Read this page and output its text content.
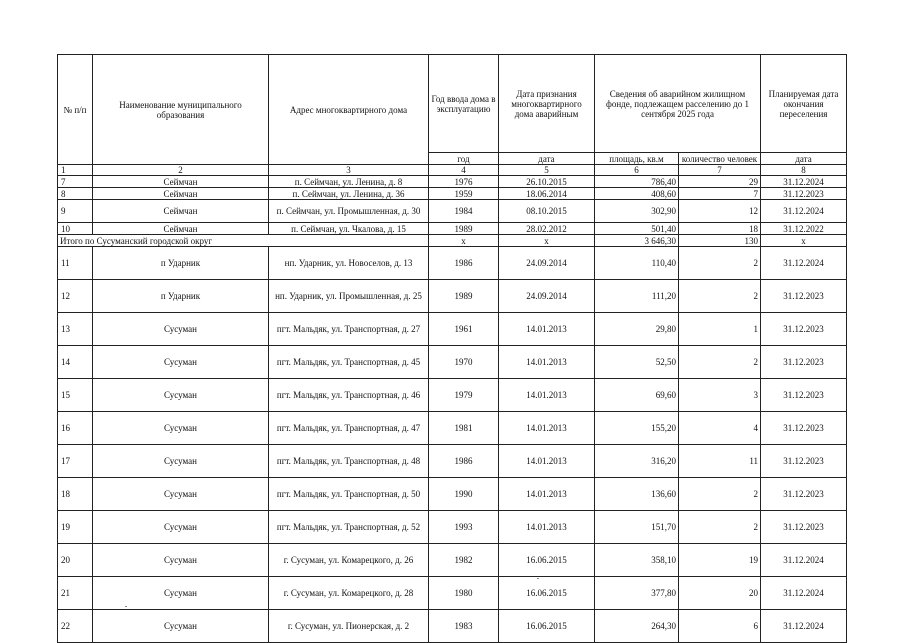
№ п/п	Наименование муниципального образования	Адрес многоквартирного дома	Год ввода дома в эксплуатацию	Дата признания многоквартирного дома аварийным	Сведения об аварийном жилищном фонде, подлежащем расселению до 1 сентября 2025 года		Планируемая дата окончания переселения
			год	дата	площадь, кв.м	количество человек	дата
1	2	3	4	5	6	7	8
7	Сеймчан	п. Сеймчан, ул. Ленина, д. 8	1976	26.10.2015	786,40	29	31.12.2024
8	Сеймчан	п. Сеймчан, ул. Ленина, д. 36	1959	18.06.2014	408,60	7	31.12.2023
9	Сеймчан	п. Сеймчан, ул. Промышленная, д. 30	1984	08.10.2015	302,90	12	31.12.2024
10	Сеймчан	п. Сеймчан, ул. Чкалова, д. 15	1989	28.02.2012	501,40	18	31.12.2022
Итого по Сусуманский городской округ			х	х	3 646,30	130	х
11	п Ударник	нп. Ударник, ул. Новоселов, д. 13	1986	24.09.2014	110,40	2	31.12.2024
12	п Ударник	нп. Ударник, ул. Промышленная, д. 25	1989	24.09.2014	111,20	2	31.12.2023
13	Сусуман	пгт. Мальдяк, ул. Транспортная, д. 27	1961	14.01.2013	29,80	1	31.12.2023
14	Сусуман	пгт. Мальдяк, ул. Транспортная, д. 45	1970	14.01.2013	52,50	2	31.12.2023
15	Сусуман	пгт. Мальдяк, ул. Транспортная, д. 46	1979	14.01.2013	69,60	3	31.12.2023
16	Сусуман	пгт. Мальдяк, ул. Транспортная, д. 47	1981	14.01.2013	155,20	4	31.12.2023
17	Сусуман	пгт. Мальдяк, ул. Транспортная, д. 48	1986	14.01.2013	316,20	11	31.12.2023
18	Сусуман	пгт. Мальдяк, ул. Транспортная, д. 50	1990	14.01.2013	136,60	2	31.12.2023
19	Сусуман	пгт. Мальдяк, ул. Транспортная, д. 52	1993	14.01.2013	151,70	2	31.12.2023
20	Сусуман	г. Сусуман, ул. Комарецкого, д. 26	1982	16.06.2015	358,10	19	31.12.2024
21	Сусуман	г. Сусуман, ул. Комарецкого, д. 28	1980	16.06.2015	377,80	20	31.12.2024
22	Сусуман	г. Сусуман, ул. Пионерская, д. 2	1983	16.06.2015	264,30	6	31.12.2024
